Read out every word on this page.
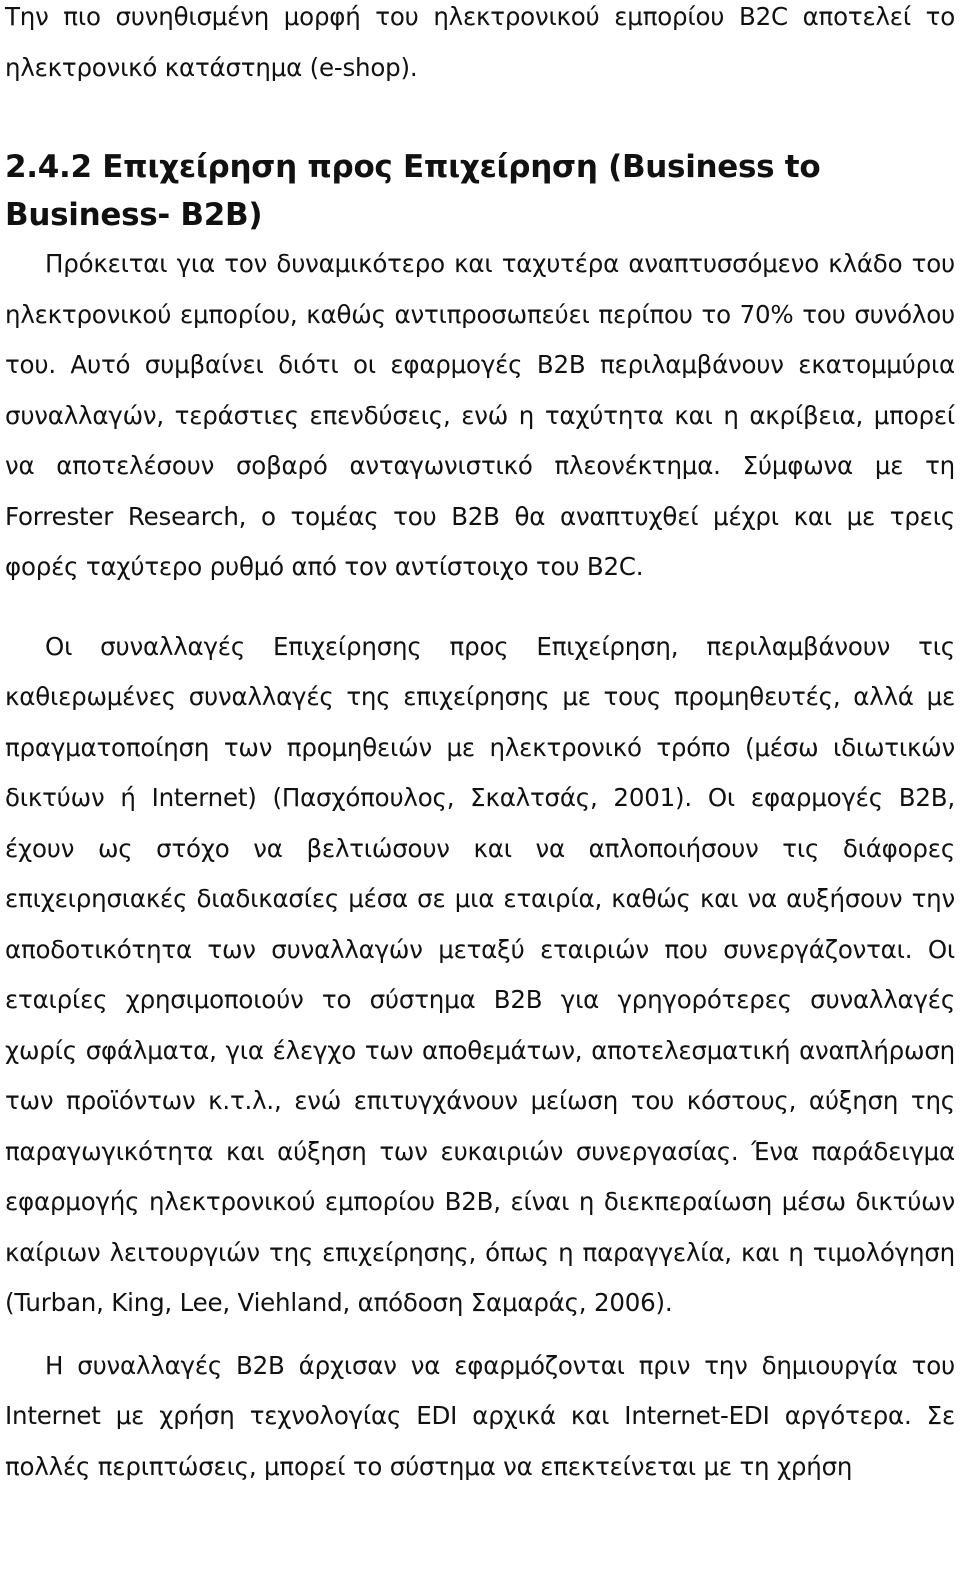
Την πιο συνηθισμένη μορφή του ηλεκτρονικού εμπορίου B2C αποτελεί το ηλεκτρονικό κατάστημα (e-shop).

2.4.2 Επιχείρηση προς Επιχείρηση (Business to Business- B2B)

Πρόκειται για τον δυναμικότερο και ταχυτέρα αναπτυσσόμενο κλάδο του ηλεκτρονικού εμπορίου, καθώς αντιπροσωπεύει περίπου το 70% του συνόλου του. Αυτό συμβαίνει διότι οι εφαρμογές B2B περιλαμβάνουν εκατομμύρια συναλλαγών, τεράστιες επενδύσεις, ενώ η ταχύτητα και η ακρίβεια, μπορεί να αποτελέσουν σοβαρό ανταγωνιστικό πλεονέκτημα. Σύμφωνα με τη Forrester Research, ο τομέας του B2B θα αναπτυχθεί μέχρι και με τρεις φορές ταχύτερο ρυθμό από τον αντίστοιχο του B2C.

Οι συναλλαγές Επιχείρησης προς Επιχείρηση, περιλαμβάνουν τις καθιερωμένες συναλλαγές της επιχείρησης με τους προμηθευτές, αλλά με πραγματοποίηση των προμηθειών με ηλεκτρονικό τρόπο (μέσω ιδιωτικών δικτύων ή Internet) (Πασχόπουλος, Σκαλτσάς, 2001). Οι εφαρμογές B2B, έχουν ως στόχο να βελτιώσουν και να απλοποιήσουν τις διάφορες επιχειρησιακές διαδικασίες μέσα σε μια εταιρία, καθώς και να αυξήσουν την αποδοτικότητα των συναλλαγών μεταξύ εταιριών που συνεργάζονται. Οι εταιρίες χρησιμοποιούν το σύστημα B2B για γρηγορότερες συναλλαγές χωρίς σφάλματα, για έλεγχο των αποθεμάτων, αποτελεσματική αναπλήρωση των προϊόντων κ.τ.λ., ενώ επιτυγχάνουν μείωση του κόστους, αύξηση της παραγωγικότητα και αύξηση των ευκαιριών συνεργασίας. Ένα παράδειγμα εφαρμογής ηλεκτρονικού εμπορίου B2B, είναι η διεκπεραίωση μέσω δικτύων καίριων λειτουργιών της επιχείρησης, όπως η παραγγελία, και η τιμολόγηση (Turban, King, Lee, Viehland, απόδοση Σαμαράς, 2006).

Η συναλλαγές B2B άρχισαν να εφαρμόζονται πριν την δημιουργία του Internet με χρήση τεχνολογίας EDI αρχικά και Internet-EDI αργότερα. Σε πολλές περιπτώσεις, μπορεί το σύστημα να επεκτείνεται με τη χρήση
